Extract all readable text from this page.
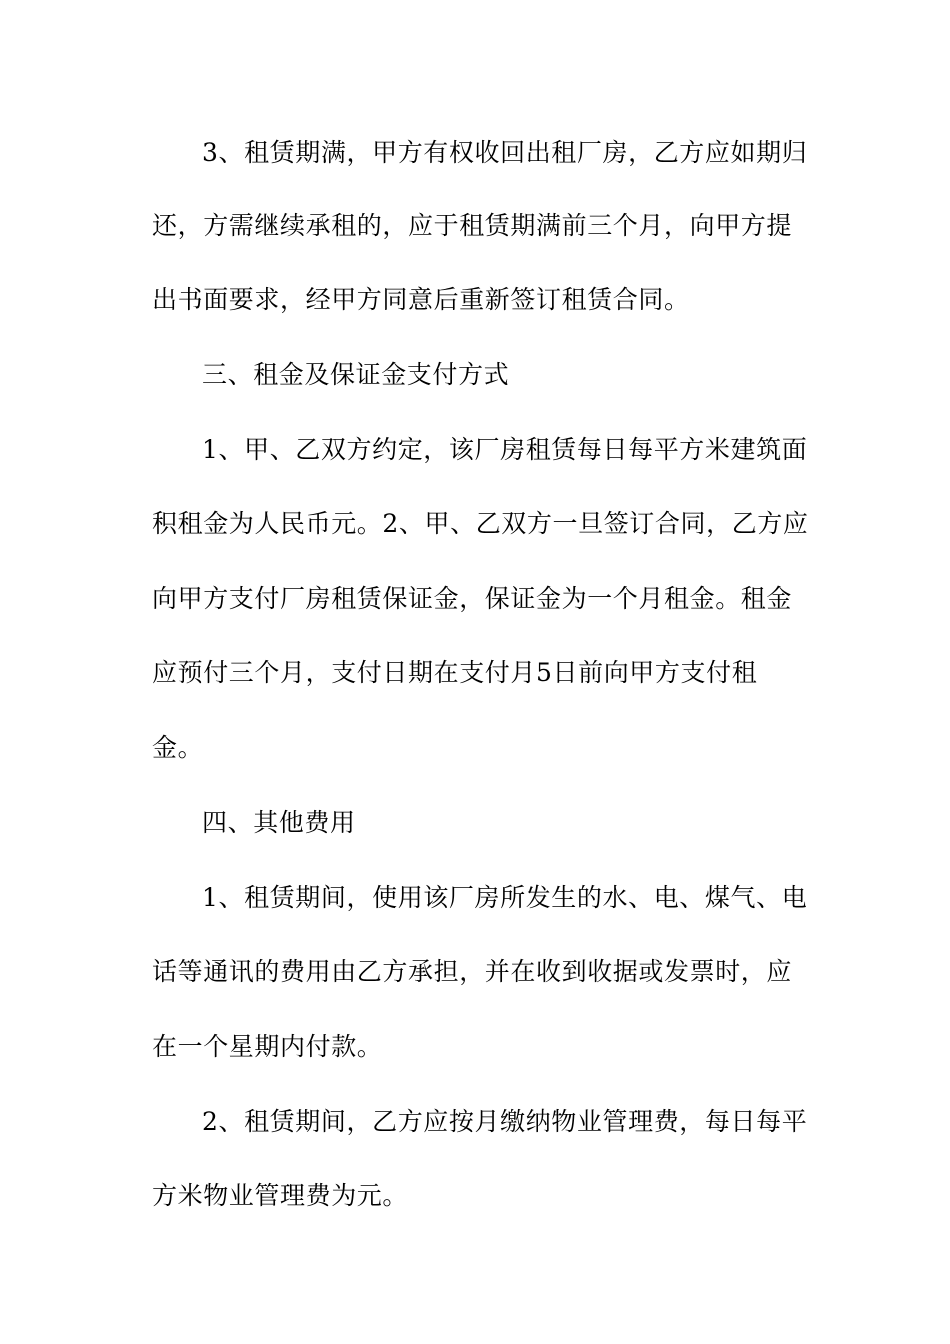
3、租赁期满，甲方有权收回出租厂房，乙方应如期归
还，方需继续承租的，应于租赁期满前三个月，向甲方提
出书面要求，经甲方同意后重新签订租赁合同。
三、租金及保证金支付方式
1、甲、乙双方约定，该厂房租赁每日每平方米建筑面
积租金为人民币元。2、甲、乙双方一旦签订合同，乙方应
向甲方支付厂房租赁保证金，保证金为一个月租金。租金
应预付三个月，支付日期在支付月5日前向甲方支付租
金。
四、其他费用
1、租赁期间，使用该厂房所发生的水、电、煤气、电
话等通讯的费用由乙方承担，并在收到收据或发票时，应
在一个星期内付款。
2、租赁期间，乙方应按月缴纳物业管理费，每日每平
方米物业管理费为元。
